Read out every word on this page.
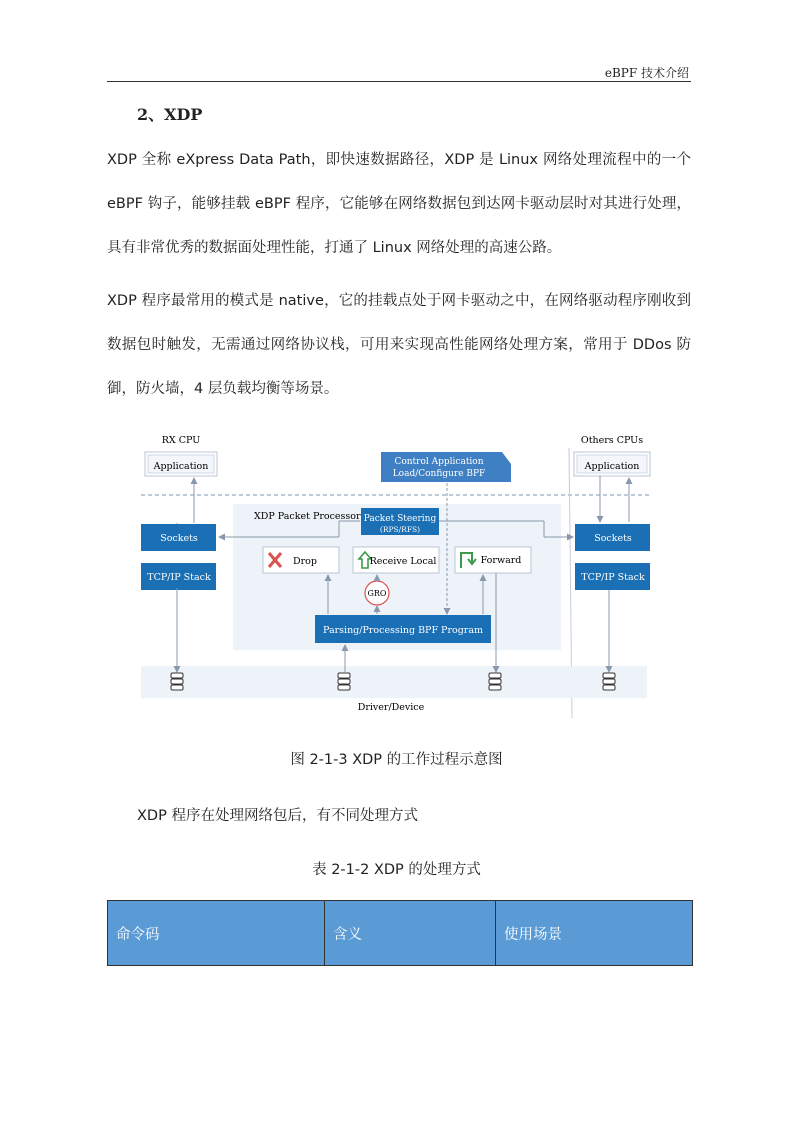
eBPF 技术介绍
2、XDP
XDP 全称 eXpress Data Path，即快速数据路径，XDP 是 Linux 网络处理流程中的一个 eBPF 钩子，能够挂载 eBPF 程序，它能够在网络数据包到达网卡驱动层时对其进行处理，具有非常优秀的数据面处理性能，打通了 Linux 网络处理的高速公路。
XDP 程序最常用的模式是 native，它的挂载点处于网卡驱动之中，在网络驱动程序刚收到数据包时触发，无需通过网络协议栈，可用来实现高性能网络处理方案，常用于 DDos 防御，防火墙，4 层负载均衡等场景。
RX CPU	Others CPUs
Application	Application
Control Application
Load/Configure BPF
XDP Packet Processor Packet Steering
(RPS/RFS)
Sockets
TCP/IP Stack
Sockets
TCP/IP Stack
Drop	Receive Local	Forward
GRO
Parsing/Processing BPF Program
Driver/Device
图 2-1-3 XDP 的工作过程示意图
XDP 程序在处理网络包后，有不同处理方式
表 2-1-2 XDP 的处理方式
命令码	含义	使用场景
